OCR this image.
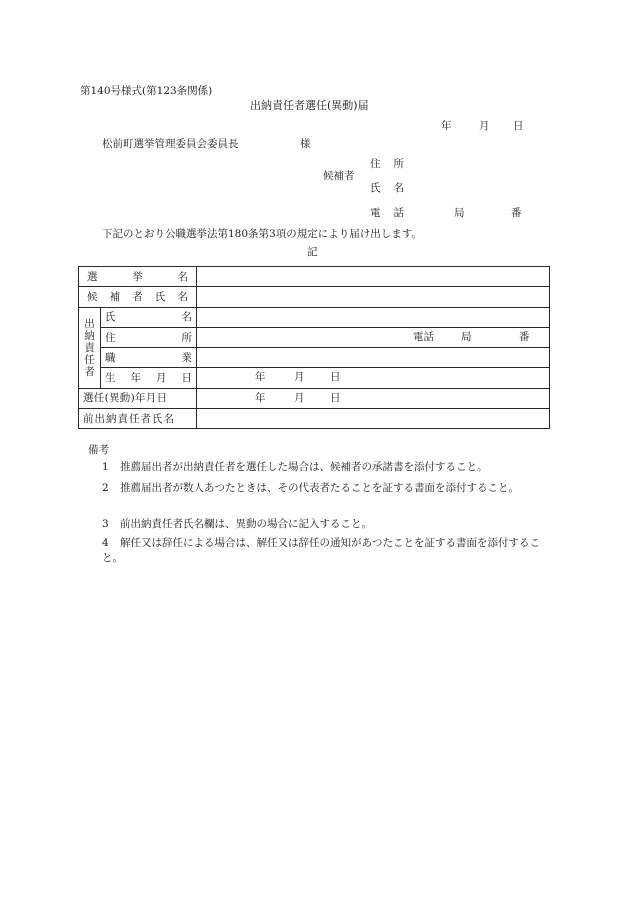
第140号様式(第123条関係)
出納責任者選任(異動)届
年	月 日
松前町選挙管理委員会委員長	様
候補者
住 所
氏 名
電 話	局	番
下記のとおり公職選挙法第180条第3項の規定により届け出します。
記
選 挙 名		

候 補 者 氏 名		

出
納
責
任
者	氏 名	

	住 所	電話 局 番

	職 業	

	生 年 月 日	年 月 日

選任(異動)年月日		年 月 日

前出納責任者氏名		
備考
1 推薦届出者が出納責任者を選任した場合は、候補者の承諾書を添付すること。
2 推薦届出者が数人あつたときは、その代表者たることを証する書面を添付すること。
3 前出納責任者氏名欄は、異動の場合に記入すること。
4 解任又は辞任による場合は、解任又は辞任の通知があつたことを証する書面を添付すること。
